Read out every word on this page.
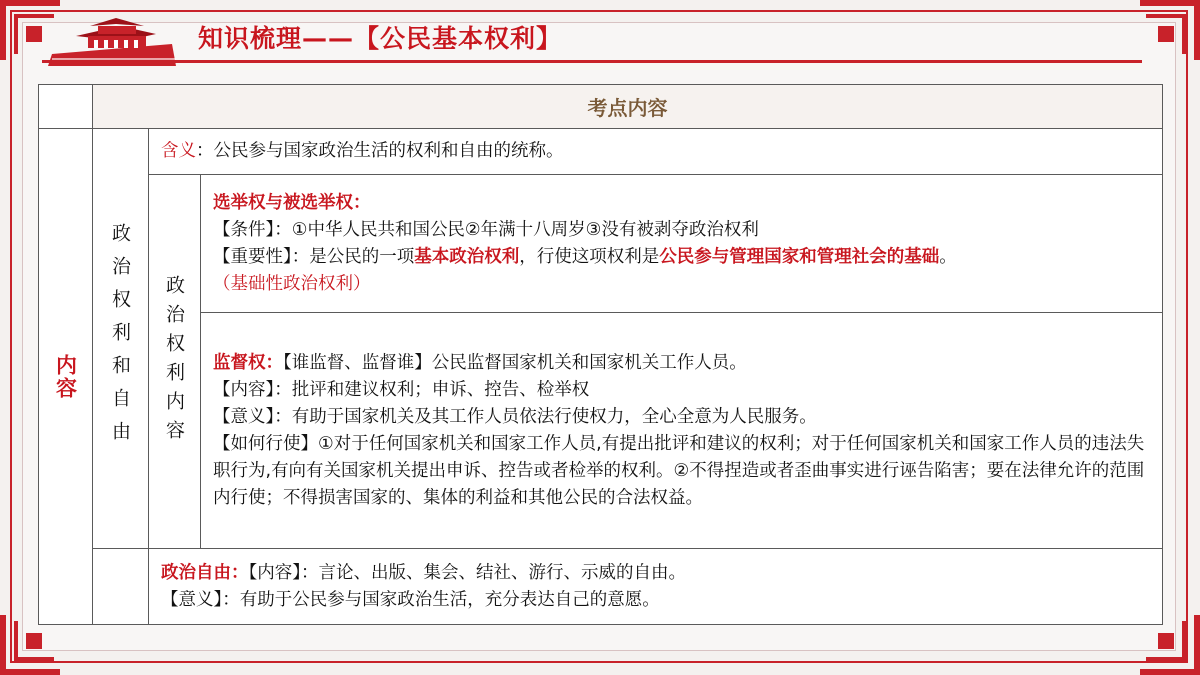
知识梳理——【公民基本权利】
	考点内容		

内容	政治权利和自由	含义：公民参与国家政治生活的权利和自由的统称。	

		政治权利内容	选举权与被选举权：
【条件】：①中华人民共和国公民②年满十八周岁③没有被剥夺政治权利
【重要性】：是公民的一项基本政治权利，行使这项权利是公民参与管理国家和管理社会的基础。
（基础性政治权利）

			监督权：【谁监督、监督谁】公民监督国家机关和国家机关工作人员。
【内容】：批评和建议权利；申诉、控告、检举权
【意义】：有助于国家机关及其工作人员依法行使权力，全心全意为人民服务。
【如何行使】①对于任何国家机关和国家工作人员,有提出批评和建议的权利；对于任何国家机关和国家工作人员的违法失职行为,有向有关国家机关提出申诉、控告或者检举的权利。②不得捏造或者歪曲事实进行诬告陷害；要在法律允许的范围内行使；不得损害国家的、集体的利益和其他公民的合法权益。

		政治自由：【内容】：言论、出版、集会、结社、游行、示威的自由。
【意义】：有助于公民参与国家政治生活，充分表达自己的意愿。	
